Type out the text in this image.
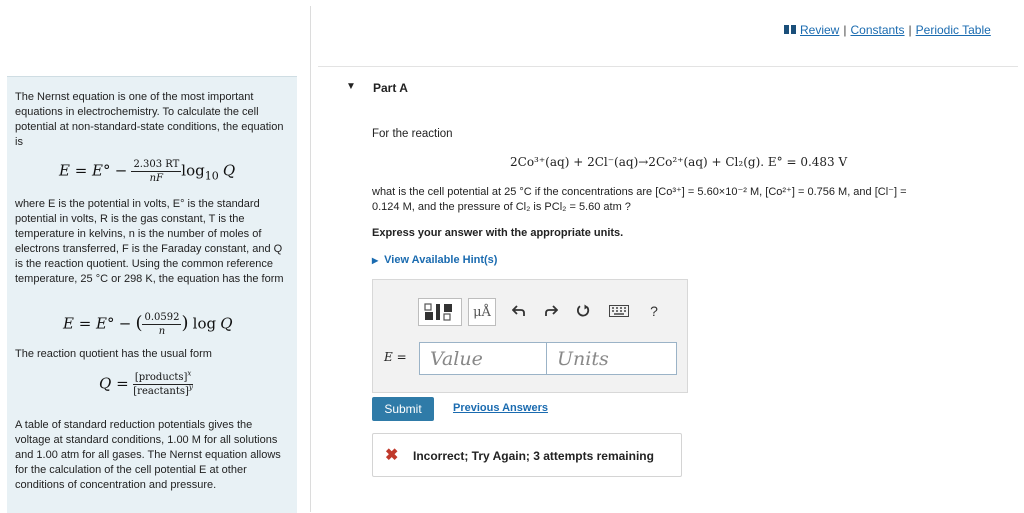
Review | Constants | Periodic Table
The Nernst equation is one of the most important equations in electrochemistry. To calculate the cell potential at non-standard-state conditions, the equation is
$E = E^\circ - \frac{2.303 RT}{nF} \log_{10} Q$
where E is the potential in volts, E° is the standard potential in volts, R is the gas constant, T is the temperature in kelvins, n is the number of moles of electrons transferred, F is the Faraday constant, and Q is the reaction quotient. Using the common reference temperature, 25 °C or 298 K, the equation has the form
E = E° − ( $\frac{0.0592}{n}$ ) log Q
The reaction quotient has the usual form
$Q = \frac{[products]^x}{[reactants]^y}$
A table of standard reduction potentials gives the voltage at standard conditions, 1.00 M for all solutions and 1.00 atm for all gases. The Nernst equation allows for the calculation of the cell potential E at other conditions of concentration and pressure.
▼ Part A
For the reaction
2Co³⁺(aq) + 2Cl⁻(aq)→2Co²⁺(aq) + Cl₂(g). E° = 0.483 V
what is the cell potential at 25 °C if the concentrations are [Co³⁺] = 5.60×10⁻² M, [Co²⁺] = 0.756 M, and [Cl⁻] =
0.124 M, and the pressure of Cl₂ is PCl₂ = 5.60 atm ?
Express your answer with the appropriate units.
▶ View Available Hint(s)
μÅ	?
E =	Value	Units
Submit	Previous Answers
✖ Incorrect; Try Again; 3 attempts remaining
